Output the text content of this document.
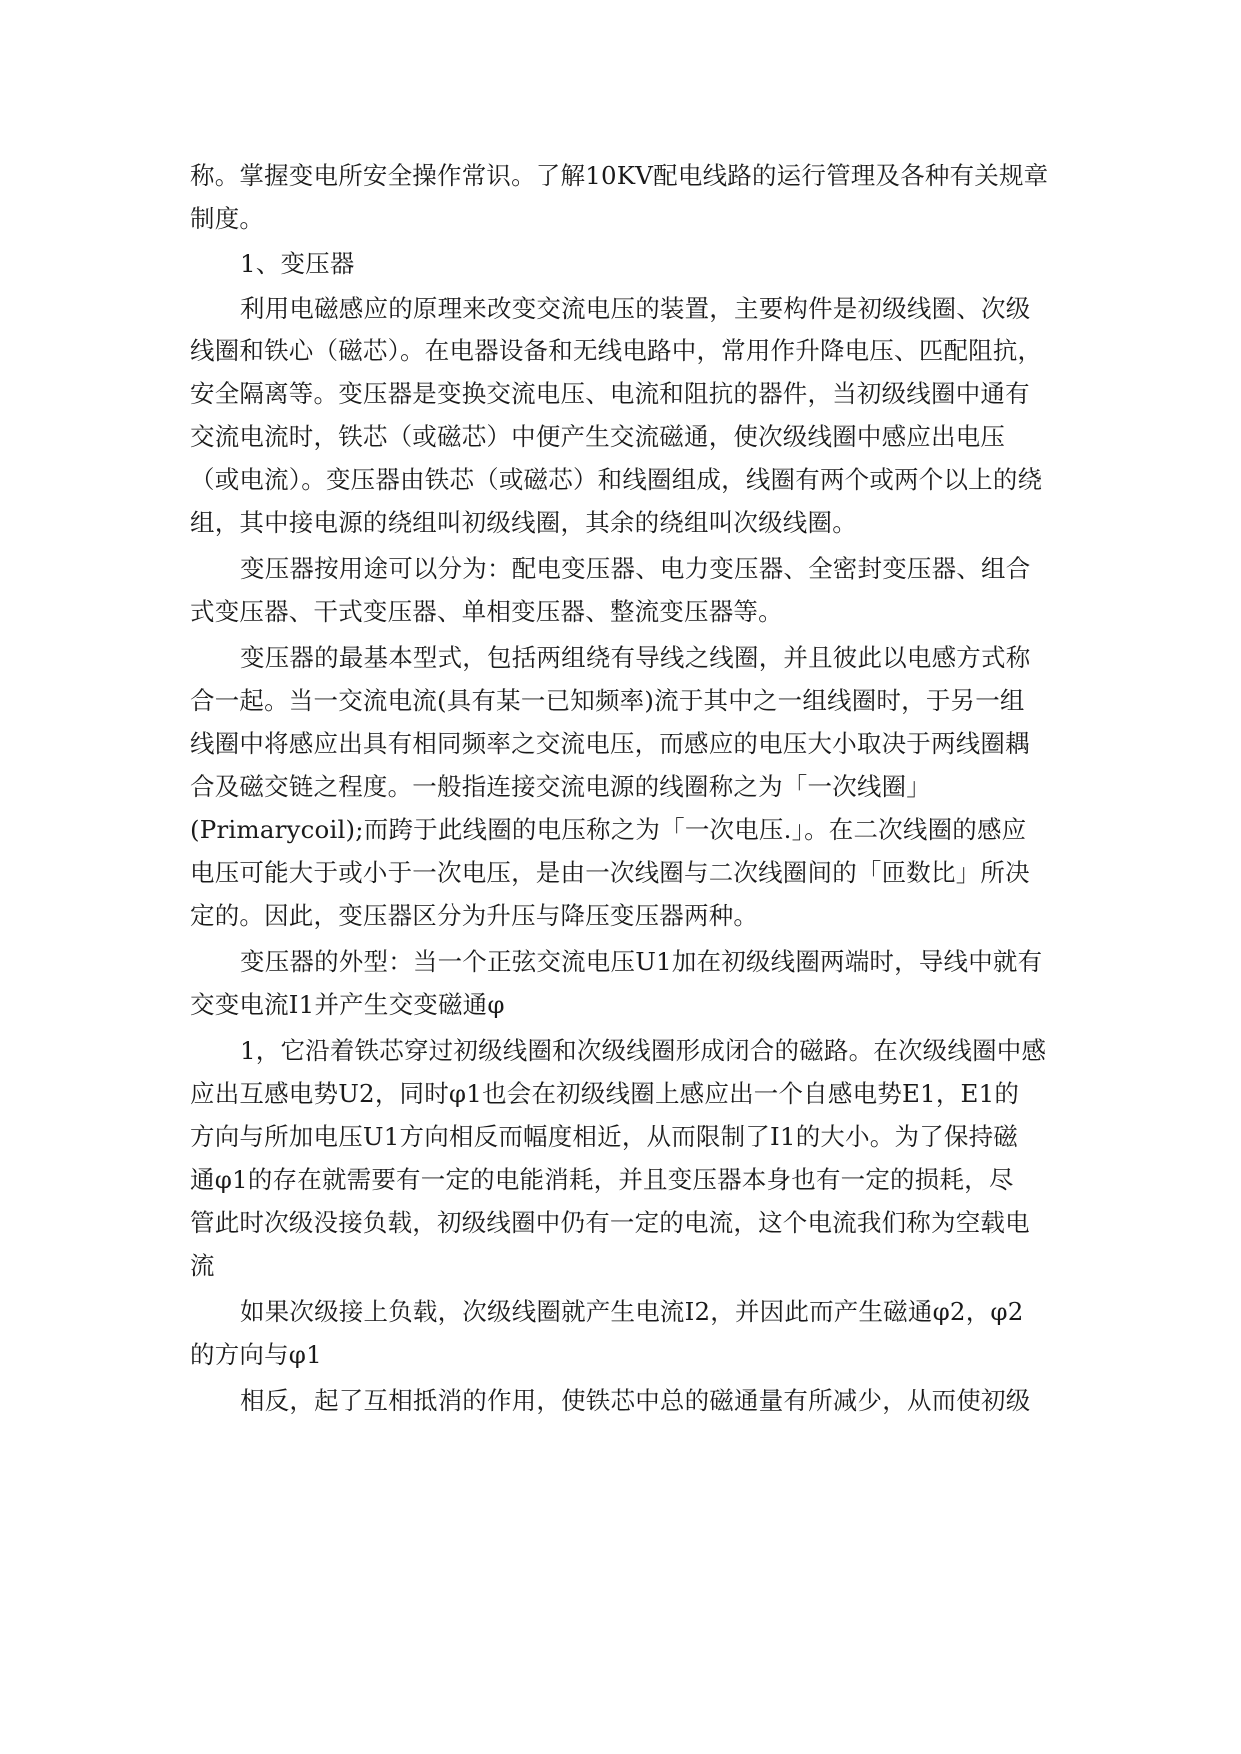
称。掌握变电所安全操作常识。了解10KV配电线路的运行管理及各种有关规章
制度。
1、变压器
利用电磁感应的原理来改变交流电压的装置，主要构件是初级线圈、次级
线圈和铁心（磁芯）。在电器设备和无线电路中，常用作升降电压、匹配阻抗，
安全隔离等。变压器是变换交流电压、电流和阻抗的器件，当初级线圈中通有
交流电流时，铁芯（或磁芯）中便产生交流磁通，使次级线圈中感应出电压
（或电流）。变压器由铁芯（或磁芯）和线圈组成，线圈有两个或两个以上的绕
组，其中接电源的绕组叫初级线圈，其余的绕组叫次级线圈。
变压器按用途可以分为：配电变压器、电力变压器、全密封变压器、组合
式变压器、干式变压器、单相变压器、整流变压器等。
变压器的最基本型式，包括两组绕有导线之线圈，并且彼此以电感方式称
合一起。当一交流电流(具有某一已知频率)流于其中之一组线圈时，于另一组
线圈中将感应出具有相同频率之交流电压，而感应的电压大小取决于两线圈耦
合及磁交链之程度。一般指连接交流电源的线圈称之为「一次线圈」
(Primarycoil);而跨于此线圈的电压称之为「一次电压.」。在二次线圈的感应
电压可能大于或小于一次电压，是由一次线圈与二次线圈间的「匝数比」所决
定的。因此，变压器区分为升压与降压变压器两种。
变压器的外型：当一个正弦交流电压U1加在初级线圈两端时，导线中就有
交变电流I1并产生交变磁通φ
1，它沿着铁芯穿过初级线圈和次级线圈形成闭合的磁路。在次级线圈中感
应出互感电势U2，同时φ1也会在初级线圈上感应出一个自感电势E1，E1的
方向与所加电压U1方向相反而幅度相近，从而限制了I1的大小。为了保持磁
通φ1的存在就需要有一定的电能消耗，并且变压器本身也有一定的损耗，尽
管此时次级没接负载，初级线圈中仍有一定的电流，这个电流我们称为空载电
流
如果次级接上负载，次级线圈就产生电流I2，并因此而产生磁通φ2，φ2
的方向与φ1
相反，起了互相抵消的作用，使铁芯中总的磁通量有所减少，从而使初级
